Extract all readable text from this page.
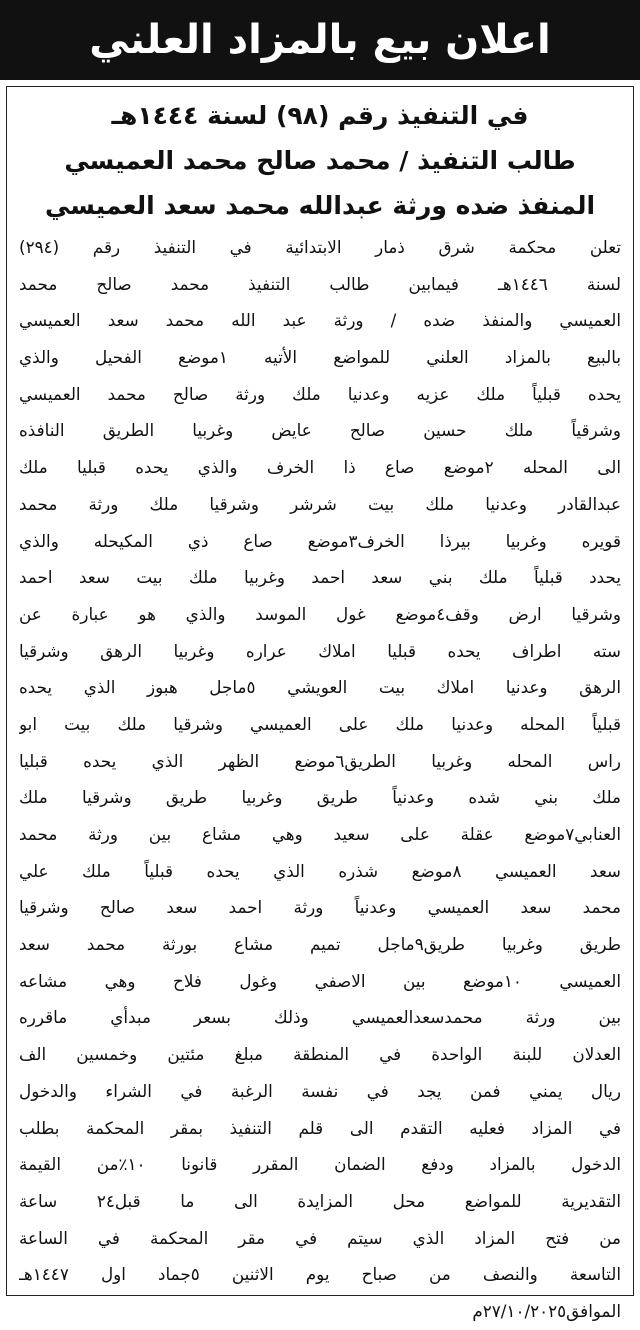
اعلان بيع بالمزاد العلني
في التنفيذ رقم (٩٨) لسنة ١٤٤٤هـ
طالب التنفيذ / محمد صالح محمد العميسي
المنفذ ضده ورثة عبدالله محمد سعد العميسي
تعلن محكمة شرق ذمار الابتدائية في التنفيذ رقم (٢٩٤)
لسنة ١٤٤٦هـ فيمابين طالب التنفيذ محمد صالح محمد
العميسي والمنفذ ضده / ورثة عبد الله محمد سعد العميسي
بالبيع بالمزاد العلني للمواضع الأتيه ١موضع الفحيل والذي
يحده قبلياً ملك عزيه وعدنيا ملك ورثة صالح محمد العميسي
وشرقياً ملك حسين صالح عايض وغربيا الطريق النافذه
الى المحله ٢موضع صاع ذا الخرف والذي يحده قبليا ملك
عبدالقادر وعدنيا ملك بيت شرشر وشرقيا ملك ورثة محمد
قويره وغربيا بيرذا الخرف٣موضع صاع ذي المكيحله والذي
يحدد قبلياً ملك بني سعد احمد وغربيا ملك بيت سعد احمد
وشرقيا ارض وقف٤موضع غول الموسد والذي هو عبارة عن
سته اطراف يحده قبليا املاك عراره وغربيا الرهق وشرقيا
الرهق وعدنيا املاك بيت العويشي ٥ماجل هبوز الذي يحده
قبلياً المحله وعدنيا ملك على العميسي وشرقيا ملك بيت ابو
راس المحله وغربيا الطريق٦موضع الظهر الذي يحده قبليا
ملك بني شده وعدنياً طريق وغربيا طريق وشرقيا ملك
العنابي٧موضع عقلة على سعيد وهي مشاع بين ورثة محمد
سعد العميسي ٨موضع شذره الذي يحده قبلياً ملك علي
محمد سعد العميسي وعدنياً ورثة احمد سعد صالح وشرقيا
طريق وغربيا طريق٩ماجل تميم مشاع بورثة محمد سعد
العميسي ١٠موضع بين الاصفي وغول فلاح وهي مشاعه
بين ورثة محمدسعدالعميسي وذلك بسعر مبدأي ماقرره
العدلان للبنة الواحدة في المنطقة مبلغ مئتين وخمسين الف
ريال يمني فمن يجد في نفسة الرغبة في الشراء والدخول
في المزاد فعليه التقدم الى قلم التنفيذ بمقر المحكمة بطلب
الدخول بالمزاد ودفع الضمان المقرر قانونا ١٠٪من القيمة
التقديرية للمواضع محل المزايدة الى ما قبل٢٤ ساعة
من فتح المزاد الذي سيتم في مقر المحكمة في الساعة
التاسعة والنصف من صباح يوم الاثنين ٥جماد اول ١٤٤٧هـ
الموافق٢٧/١٠/٢٠٢٥م
